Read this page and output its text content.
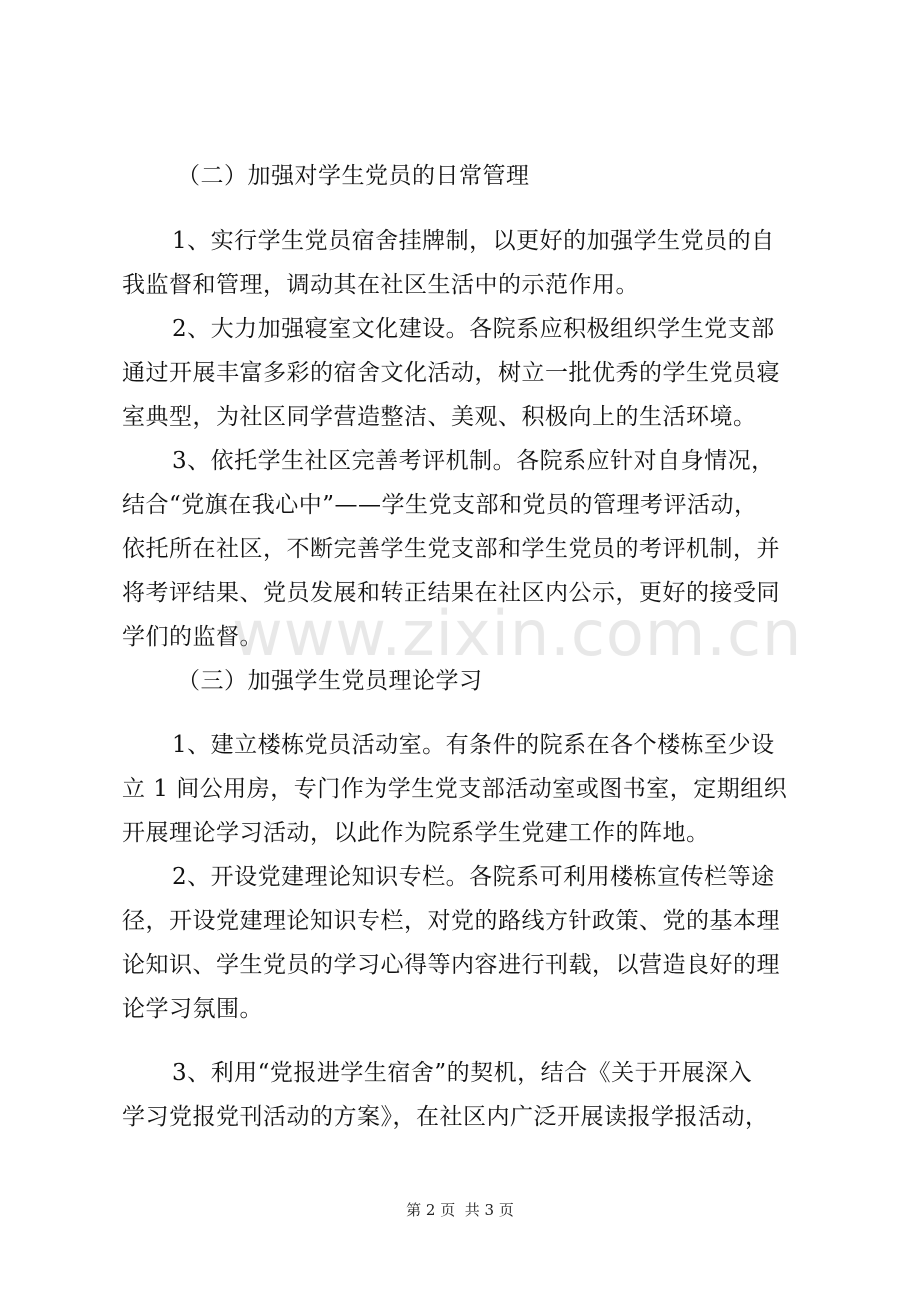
（二）加强对学生党员的日常管理
1、实行学生党员宿舍挂牌制，以更好的加强学生党员的自
我监督和管理，调动其在社区生活中的示范作用。
2、大力加强寝室文化建设。各院系应积极组织学生党支部
通过开展丰富多彩的宿舍文化活动，树立一批优秀的学生党员寝
室典型，为社区同学营造整洁、美观、积极向上的生活环境。
3、依托学生社区完善考评机制。各院系应针对自身情况，
结合“党旗在我心中”——学生党支部和党员的管理考评活动，
依托所在社区，不断完善学生党支部和学生党员的考评机制，并
将考评结果、党员发展和转正结果在社区内公示，更好的接受同
学们的监督。
（三）加强学生党员理论学习
1、建立楼栋党员活动室。有条件的院系在各个楼栋至少设
立 1 间公用房，专门作为学生党支部活动室或图书室，定期组织
开展理论学习活动，以此作为院系学生党建工作的阵地。
2、开设党建理论知识专栏。各院系可利用楼栋宣传栏等途
径，开设党建理论知识专栏，对党的路线方针政策、党的基本理
论知识、学生党员的学习心得等内容进行刊载，以营造良好的理
论学习氛围。
3、利用“党报进学生宿舍”的契机，结合《关于开展深入
学习党报党刊活动的方案》，在社区内广泛开展读报学报活动，
www.zixin.com.cn
第 2 页  共 3 页
